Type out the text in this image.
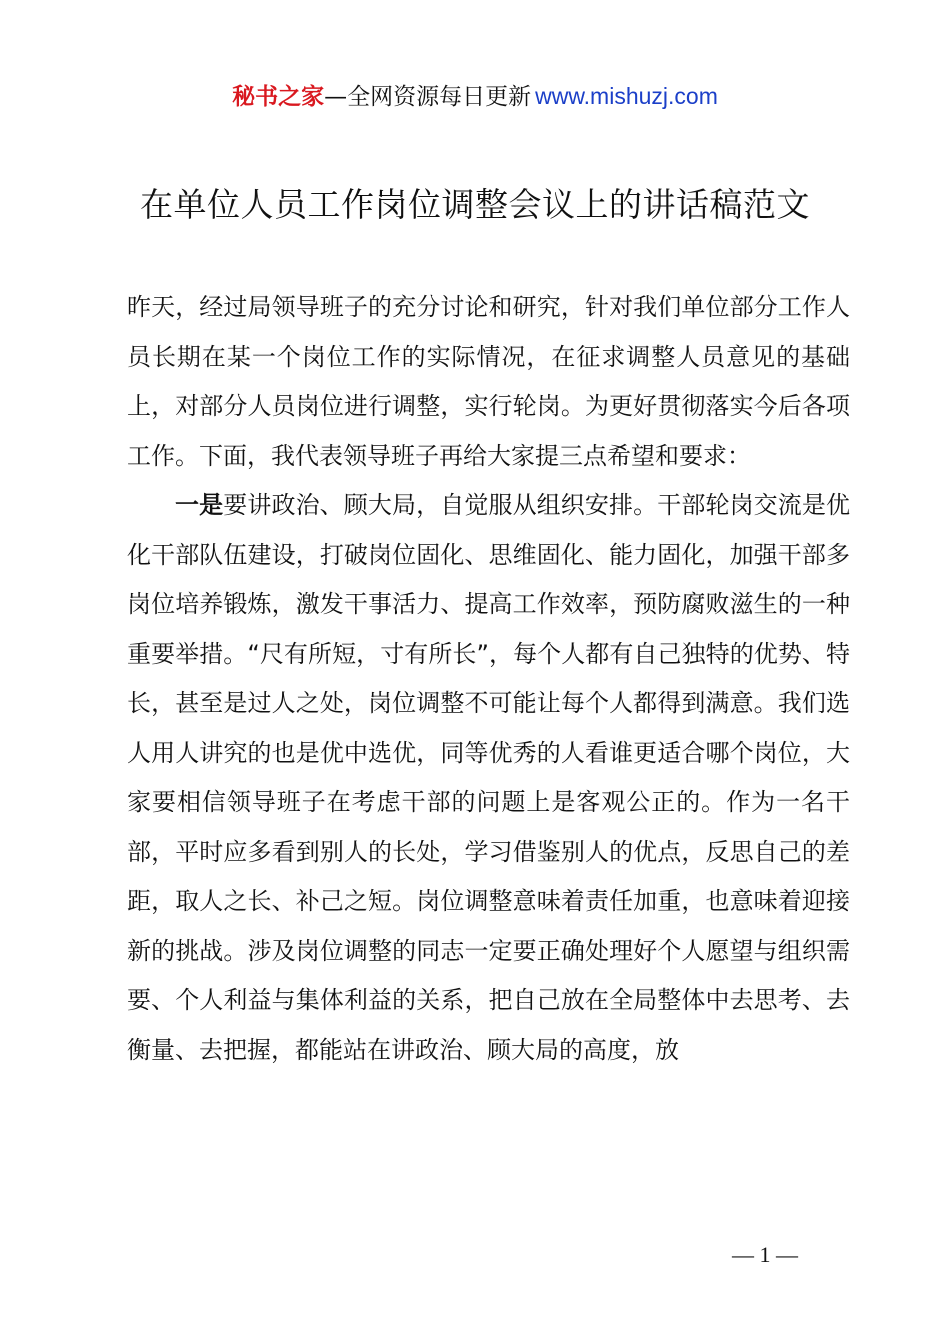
秘书之家—全网资源每日更新 www.mishuzj.com
在单位人员工作岗位调整会议上的讲话稿范文

昨天，经过局领导班子的充分讨论和研究，针对我们单位部分工作人员长期在某一个岗位工作的实际情况，在征求调整人员意见的基础上，对部分人员岗位进行调整，实行轮岗。为更好贯彻落实今后各项工作。下面，我代表领导班子再给大家提三点希望和要求：

一是要讲政治、顾大局，自觉服从组织安排。干部轮岗交流是优化干部队伍建设，打破岗位固化、思维固化、能力固化，加强干部多岗位培养锻炼，激发干事活力、提高工作效率，预防腐败滋生的一种重要举措。“尺有所短，寸有所长”，每个人都有自己独特的优势、特长，甚至是过人之处，岗位调整不可能让每个人都得到满意。我们选人用人讲究的也是优中选优，同等优秀的人看谁更适合哪个岗位，大家要相信领导班子在考虑干部的问题上是客观公正的。作为一名干部，平时应多看到别人的长处，学习借鉴别人的优点，反思自己的差距，取人之长、补己之短。岗位调整意味着责任加重，也意味着迎接新的挑战。涉及岗位调整的同志一定要正确处理好个人愿望与组织需要、个人利益与集体利益的关系，把自己放在全局整体中去思考、去衡量、去把握，都能站在讲政治、顾大局的高度，放

— 1 —
